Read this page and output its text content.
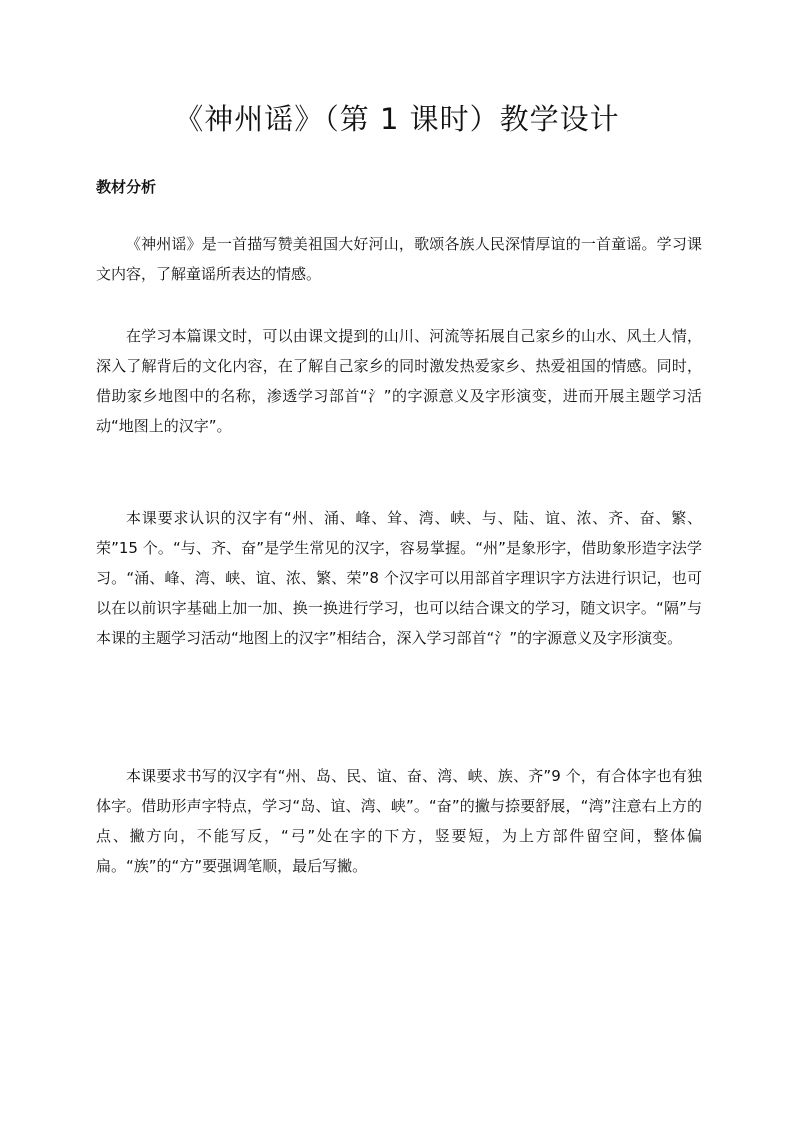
《神州谣》（第 1 课时）教学设计
教材分析

《神州谣》是一首描写赞美祖国大好河山，歌颂各族人民深情厚谊的一首童谣。学习课文内容，了解童谣所表达的情感。

在学习本篇课文时，可以由课文提到的山川、河流等拓展自己家乡的山水、风土人情，深入了解背后的文化内容，在了解自己家乡的同时激发热爱家乡、热爱祖国的情感。同时，借助家乡地图中的名称，渗透学习部首“氵”的字源意义及字形演变，进而开展主题学习活动“地图上的汉字”。

本课要求认识的汉字有“州、涌、峰、耸、湾、峡、与、陆、谊、浓、齐、奋、繁、荣”15 个。“与、齐、奋”是学生常见的汉字，容易掌握。“州”是象形字，借助象形造字法学习。“涌、峰、湾、峡、谊、浓、繁、荣”8 个汉字可以用部首字理识字方法进行识记，也可以在以前识字基础上加一加、换一换进行学习，也可以结合课文的学习，随文识字。“隔”与本课的主题学习活动“地图上的汉字”相结合，深入学习部首“氵”的字源意义及字形演变。

本课要求书写的汉字有“州、岛、民、谊、奋、湾、峡、族、齐”9 个，有合体字也有独体字。借助形声字特点，学习“岛、谊、湾、峡”。“奋”的撇与捺要舒展，“湾”注意右上方的点、撇方向，不能写反，“弓”处在字的下方，竖要短，为上方部件留空间，整体偏扁。“族”的“方”要强调笔顺，最后写撇。
